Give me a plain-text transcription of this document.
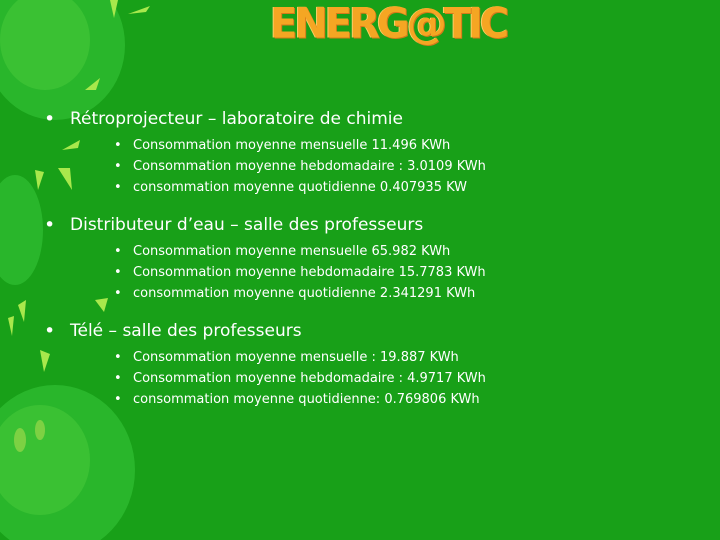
ENERG@TIC
• Rétroprojecteur – laboratoire de chimie
• Consommation moyenne mensuelle 11.496 KWh
• Consommation moyenne hebdomadaire : 3.0109 KWh
• consommation moyenne quotidienne 0.407935 KW
• Distributeur d’eau – salle des professeurs
• Consommation moyenne mensuelle 65.982 KWh
• Consommation moyenne hebdomadaire 15.7783 KWh
• consommation moyenne quotidienne 2.341291 KWh
• Télé – salle des professeurs
• Consommation moyenne mensuelle : 19.887 KWh
• Consommation moyenne hebdomadaire : 4.9717 KWh
• consommation moyenne quotidienne: 0.769806 KWh
